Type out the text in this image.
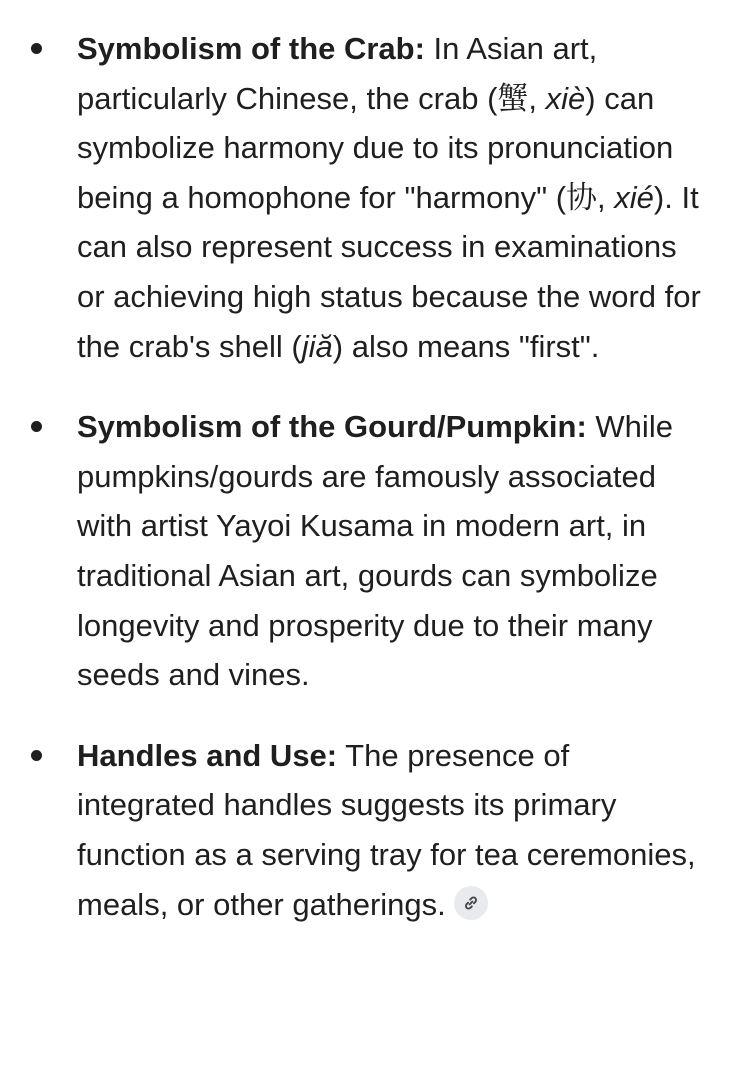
Symbolism of the Crab: In Asian art, particularly Chinese, the crab (蟹, xiè) can symbolize harmony due to its pronunciation being a homophone for "harmony" (协, xié). It can also represent success in examinations or achieving high status because the word for the crab's shell (jiă) also means "first".
Symbolism of the Gourd/Pumpkin: While pumpkins/gourds are famously associated with artist Yayoi Kusama in modern art, in traditional Asian art, gourds can symbolize longevity and prosperity due to their many seeds and vines.
Handles and Use: The presence of integrated handles suggests its primary function as a serving tray for tea ceremonies, meals, or other gatherings.
